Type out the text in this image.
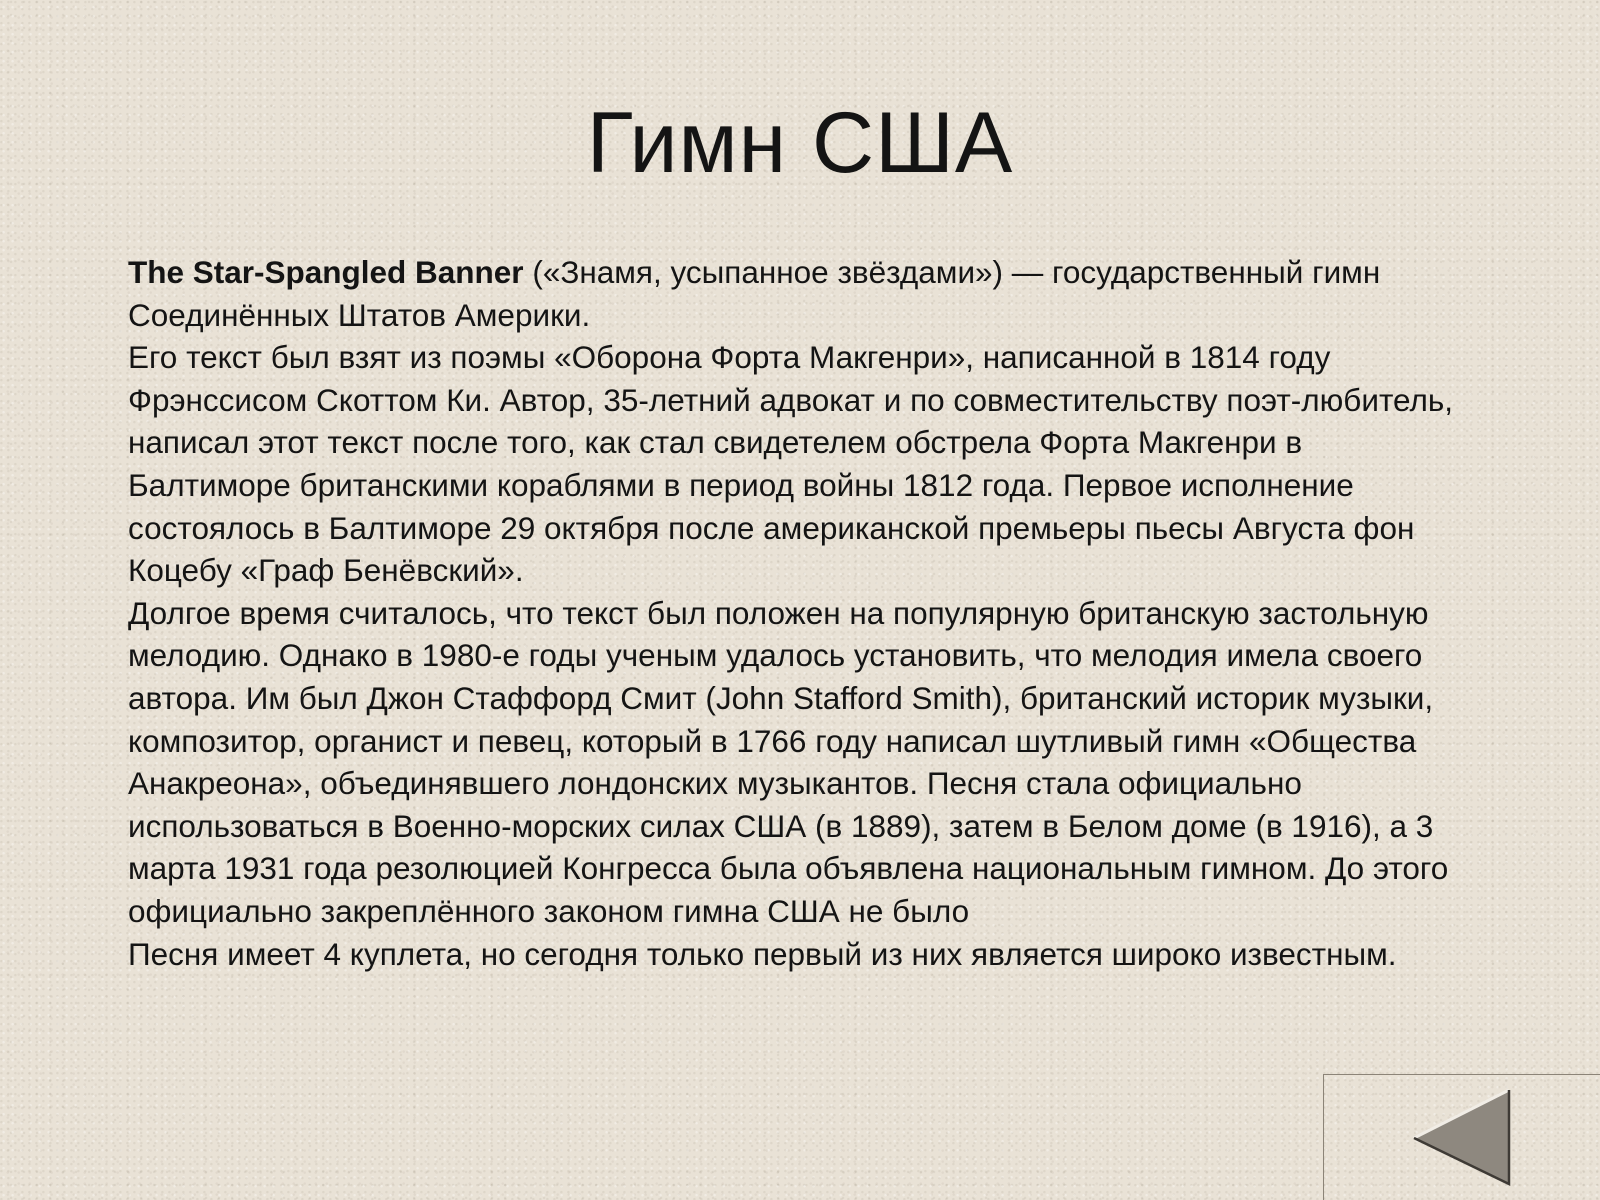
Гимн США
The Star-Spangled Banner («Знамя, усыпанное звёздами») — государственный гимн Соединённых Штатов Америки.
Его текст был взят из поэмы «Оборона Форта Макгенри», написанной в 1814 году Фрэнссисом Скоттом Ки. Автор, 35-летний адвокат и по совместительству поэт-любитель, написал этот текст после того, как стал свидетелем обстрела Форта Макгенри в Балтиморе британскими кораблями в период войны 1812 года. Первое исполнение состоялось в Балтиморе 29 октября после американской премьеры пьесы Августа фон Коцебу «Граф Бенёвский».
Долгое время считалось, что текст был положен на популярную британскую застольную мелодию. Однако в 1980-е годы ученым удалось установить, что мелодия имела своего автора. Им был Джон Стаффорд Смит (John Stafford Smith), британский историк музыки, композитор, органист и певец, который в 1766 году написал шутливый гимн «Общества Анакреона», объединявшего лондонских музыкантов. Песня стала официально использоваться в Военно-морских силах США (в 1889), затем в Белом доме (в 1916), а 3 марта 1931 года резолюцией Конгресса была объявлена национальным гимном. До этого официально закреплённого законом гимна США не было
Песня имеет 4 куплета, но сегодня только первый из них является широко известным.
